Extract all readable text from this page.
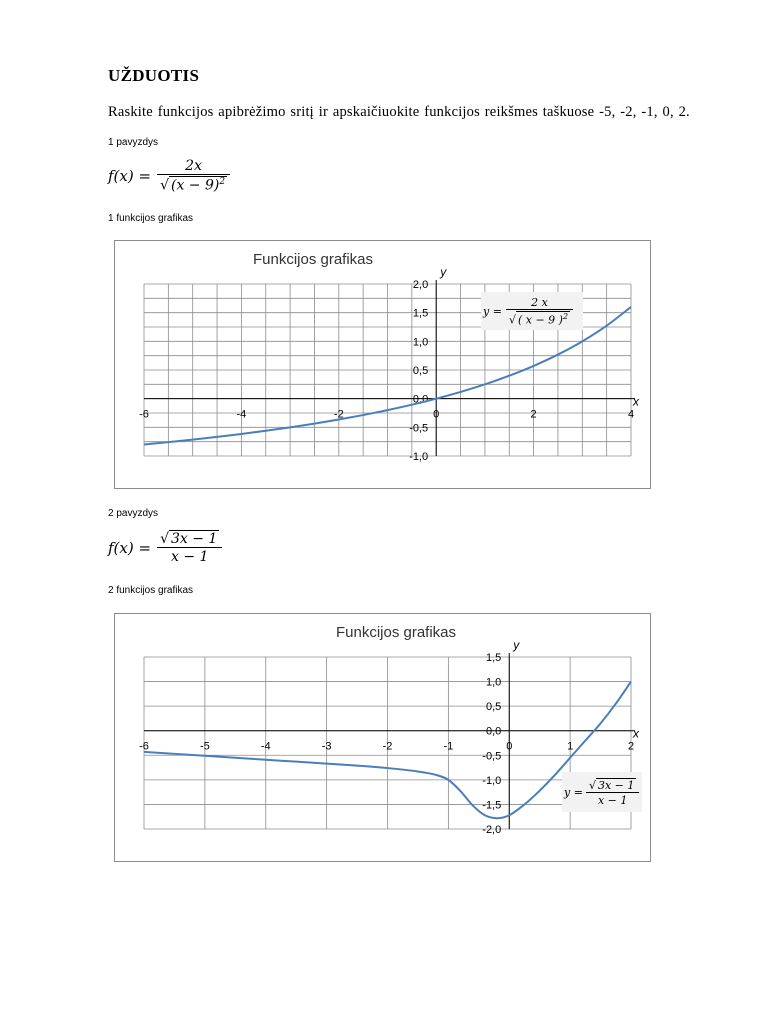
UŽDUOTIS
Raskite funkcijos apibrėžimo sritį ir apskaičiuokite funkcijos reikšmes taškuose -5, -2, -1, 0, 2.
1 pavyzdys
$f(x) = \frac{2x}{√ (x - 9)^2}$
1 funkcijos grafikas
Funkcijos grafikas
-6	-4	-2	0	2	4
2,0
1,5
1,0
0,5
0,0
-0,5
-1,0
x
y
$y = \frac{2 x}{√ ( x - 9 )^2}$
2 pavyzdys
$f(x) = \frac{√ 3x - 1}{x - 1}$
2 funkcijos grafikas
Funkcijos grafikas
-6	-5	-4	-3	-2	-1	0	1	2
1,5
1,0
0,5
0,0
-0,5
-1,0
-1,5
-2,0
x
y
$y = \frac{√ 3x - 1}{x - 1}$
